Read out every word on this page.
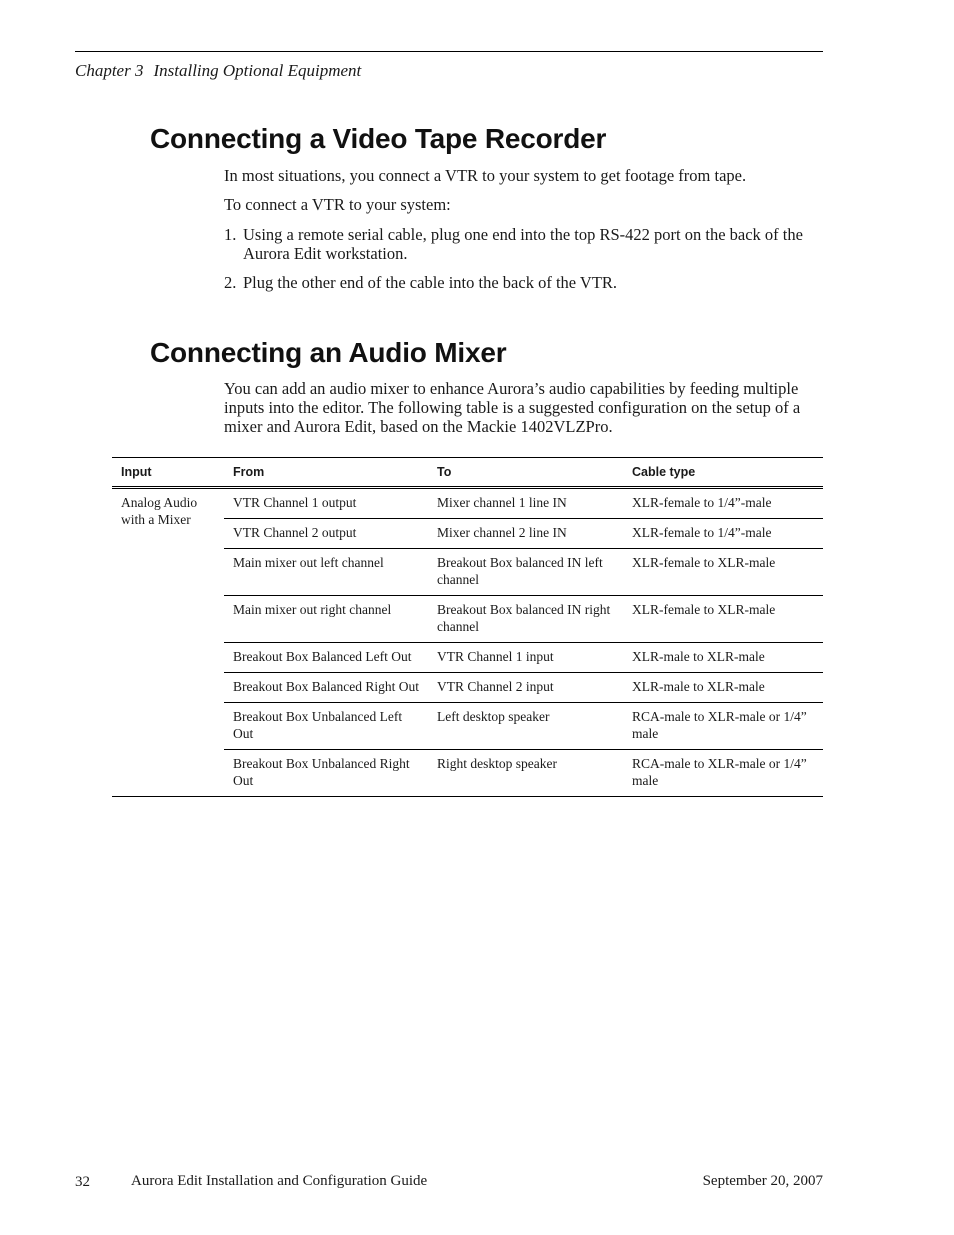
Chapter 3 Installing Optional Equipment
Connecting a Video Tape Recorder

In most situations, you connect a VTR to your system to get footage from tape.

To connect a VTR to your system:

1. Using a remote serial cable, plug one end into the top RS-422 port on the back of the Aurora Edit workstation.
2. Plug the other end of the cable into the back of the VTR.
Connecting an Audio Mixer

You can add an audio mixer to enhance Aurora’s audio capabilities by feeding multiple inputs into the editor. The following table is a suggested configuration on the setup of a mixer and Aurora Edit, based on the Mackie 1402VLZPro.

Input	From	To	Cable type
Analog Audio with a Mixer	VTR Channel 1 output	Mixer channel 1 line IN	XLR-female to 1/4”-male
	VTR Channel 2 output	Mixer channel 2 line IN	XLR-female to 1/4”-male
	Main mixer out left channel	Breakout Box balanced IN left channel	XLR-female to XLR-male
	Main mixer out right channel	Breakout Box balanced IN right channel	XLR-female to XLR-male
	Breakout Box Balanced Left Out	VTR Channel 1 input	XLR-male to XLR-male
	Breakout Box Balanced Right Out	VTR Channel 2 input	XLR-male to XLR-male
	Breakout Box Unbalanced Left Out	Left desktop speaker	RCA-male to XLR-male or 1/4” male
	Breakout Box Unbalanced Right Out	Right desktop speaker	RCA-male to XLR-male or 1/4” male
32	Aurora Edit Installation and Configuration Guide	September 20, 2007
